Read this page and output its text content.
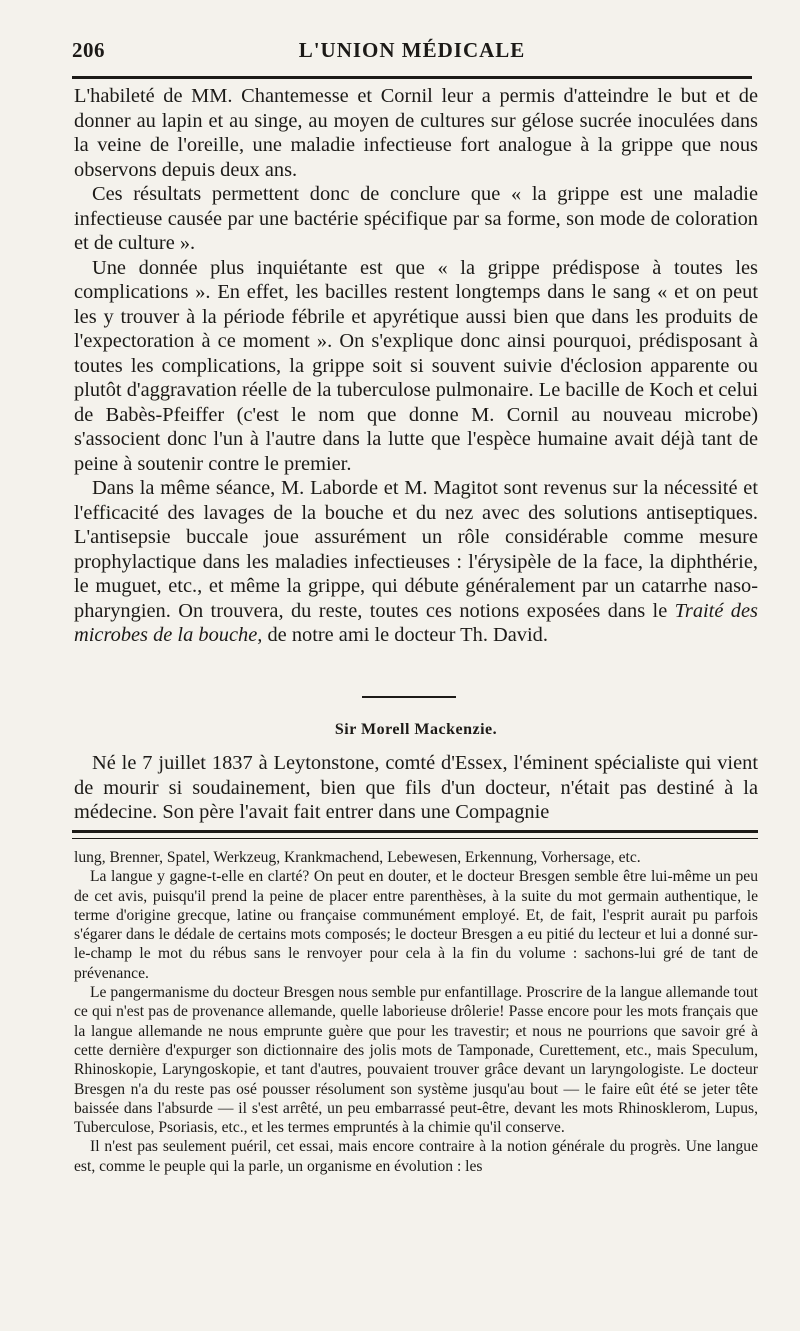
206	L'UNION MÉDICALE

L'habileté de MM. Chantemesse et Cornil leur a permis d'atteindre le but et de donner au lapin et au singe, au moyen de cultures sur gélose sucrée inoculées dans la veine de l'oreille, une maladie infectieuse fort analogue à la grippe que nous observons depuis deux ans.

Ces résultats permettent donc de conclure que « la grippe est une maladie infectieuse causée par une bactérie spécifique par sa forme, son mode de coloration et de culture ».

Une donnée plus inquiétante est que « la grippe prédispose à toutes les complications ». En effet, les bacilles restent longtemps dans le sang « et on peut les y trouver à la période fébrile et apyrétique aussi bien que dans les produits de l'expectoration à ce moment ». On s'explique donc ainsi pourquoi, prédisposant à toutes les complications, la grippe soit si souvent suivie d'éclosion apparente ou plutôt d'aggravation réelle de la tuberculose pulmonaire. Le bacille de Koch et celui de Babès-Pfeiffer (c'est le nom que donne M. Cornil au nouveau microbe) s'associent donc l'un à l'autre dans la lutte que l'espèce humaine avait déjà tant de peine à soutenir contre le premier.

Dans la même séance, M. Laborde et M. Magitot sont revenus sur la nécessité et l'efficacité des lavages de la bouche et du nez avec des solutions antiseptiques. L'antisepsie buccale joue assurément un rôle considérable comme mesure prophylactique dans les maladies infectieuses : l'érysipèle de la face, la diphthérie, le muguet, etc., et même la grippe, qui débute généralement par un catarrhe naso-pharyngien. On trouvera, du reste, toutes ces notions exposées dans le Traité des microbes de la bouche, de notre ami le docteur Th. David.

Sir Morell Mackenzie.

Né le 7 juillet 1837 à Leytonstone, comté d'Essex, l'éminent spécialiste qui vient de mourir si soudainement, bien que fils d'un docteur, n'était pas destiné à la médecine. Son père l'avait fait entrer dans une Compagnie

lung, Brenner, Spatel, Werkzeug, Krankmachend, Lebewesen, Erkennung, Vorhersage, etc.

La langue y gagne-t-elle en clarté? On peut en douter, et le docteur Bresgen semble être lui-même un peu de cet avis, puisqu'il prend la peine de placer entre parenthèses, à la suite du mot germain authentique, le terme d'origine grecque, latine ou française communément employé. Et, de fait, l'esprit aurait pu parfois s'égarer dans le dédale de certains mots composés; le docteur Bresgen a eu pitié du lecteur et lui a donné sur-le-champ le mot du rébus sans le renvoyer pour cela à la fin du volume : sachons-lui gré de tant de prévenance.

Le pangermanisme du docteur Bresgen nous semble pur enfantillage. Proscrire de la langue allemande tout ce qui n'est pas de provenance allemande, quelle laborieuse drôlerie! Passe encore pour les mots français que la langue allemande ne nous emprunte guère que pour les travestir; et nous ne pourrions que savoir gré à cette dernière d'expurger son dictionnaire des jolis mots de Tamponade, Curettement, etc., mais Speculum, Rhinoskopie, Laryngoskopie, et tant d'autres, pouvaient trouver grâce devant un laryngologiste. Le docteur Bresgen n'a du reste pas osé pousser résolument son système jusqu'au bout — le faire eût été se jeter tête baissée dans l'absurde — il s'est arrêté, un peu embarrassé peut-être, devant les mots Rhinosklerom, Lupus, Tuberculose, Psoriasis, etc., et les termes empruntés à la chimie qu'il conserve.

Il n'est pas seulement puéril, cet essai, mais encore contraire à la notion générale du progrès. Une langue est, comme le peuple qui la parle, un organisme en évolution : les
